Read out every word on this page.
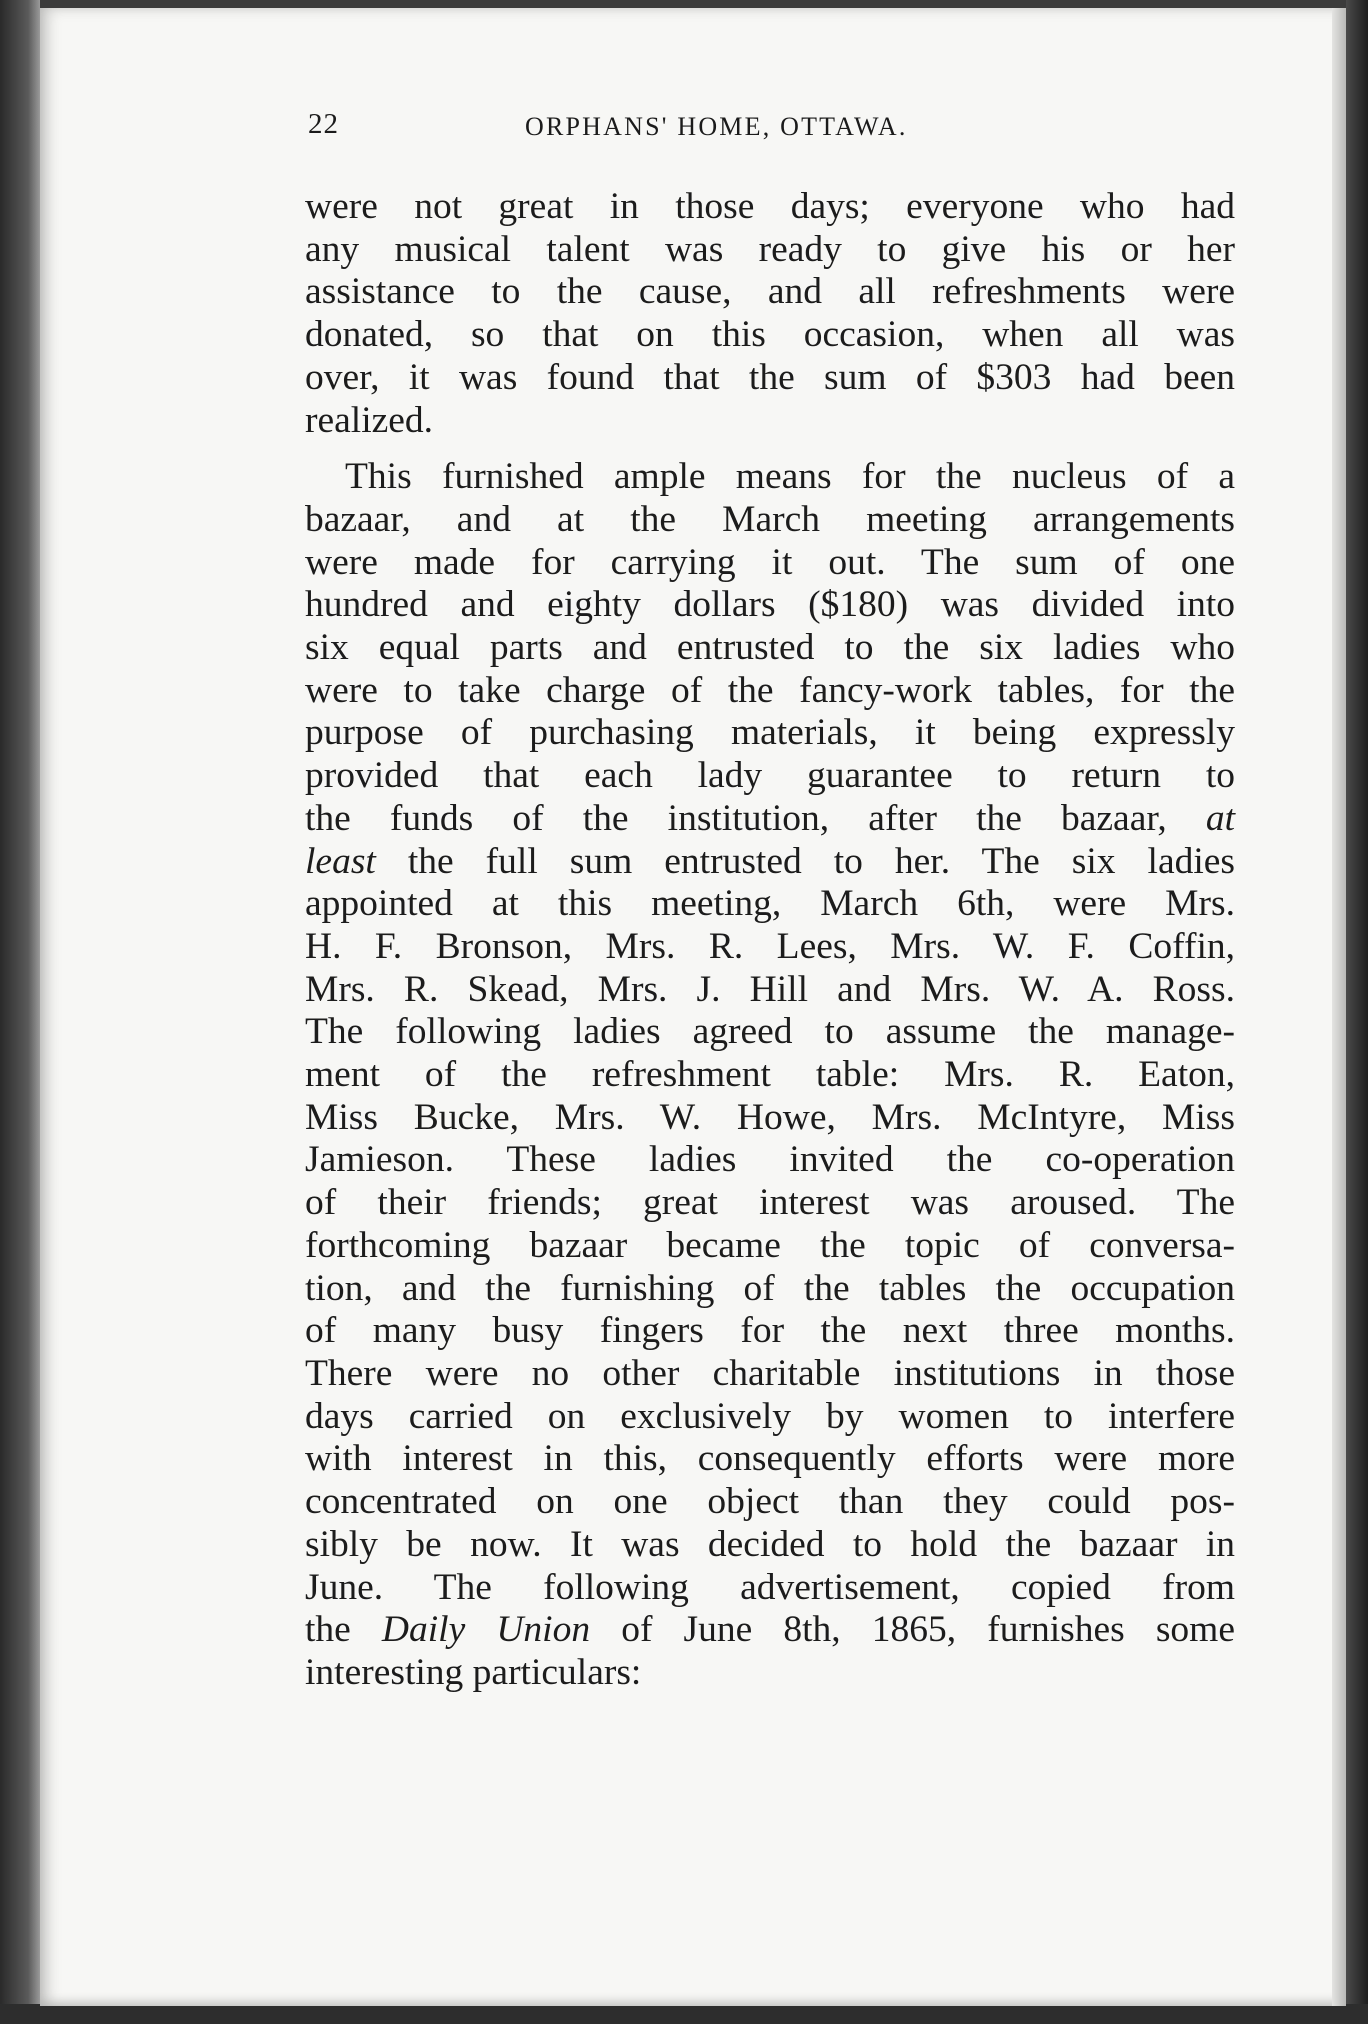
22	ORPHANS' HOME, OTTAWA.

were not great in those days; everyone who had
any musical talent was ready to give his or her
assistance to the cause, and all refreshments were
donated, so that on this occasion, when all was
over, it was found that the sum of $303 had been
realized.

This furnished ample means for the nucleus of a
bazaar, and at the March meeting arrangements
were made for carrying it out. The sum of one
hundred and eighty dollars ($180) was divided into
six equal parts and entrusted to the six ladies who
were to take charge of the fancy-work tables, for the
purpose of purchasing materials, it being expressly
provided that each lady guarantee to return to
the funds of the institution, after the bazaar, at
least the full sum entrusted to her. The six ladies
appointed at this meeting, March 6th, were Mrs.
H. F. Bronson, Mrs. R. Lees, Mrs. W. F. Coffin,
Mrs. R. Skead, Mrs. J. Hill and Mrs. W. A. Ross.
The following ladies agreed to assume the manage-
ment of the refreshment table: Mrs. R. Eaton,
Miss Bucke, Mrs. W. Howe, Mrs. McIntyre, Miss
Jamieson. These ladies invited the co-operation
of their friends; great interest was aroused. The
forthcoming bazaar became the topic of conversa-
tion, and the furnishing of the tables the occupation
of many busy fingers for the next three months.
There were no other charitable institutions in those
days carried on exclusively by women to interfere
with interest in this, consequently efforts were more
concentrated on one object than they could pos-
sibly be now. It was decided to hold the bazaar in
June. The following advertisement, copied from
the Daily Union of June 8th, 1865, furnishes some
interesting particulars:
